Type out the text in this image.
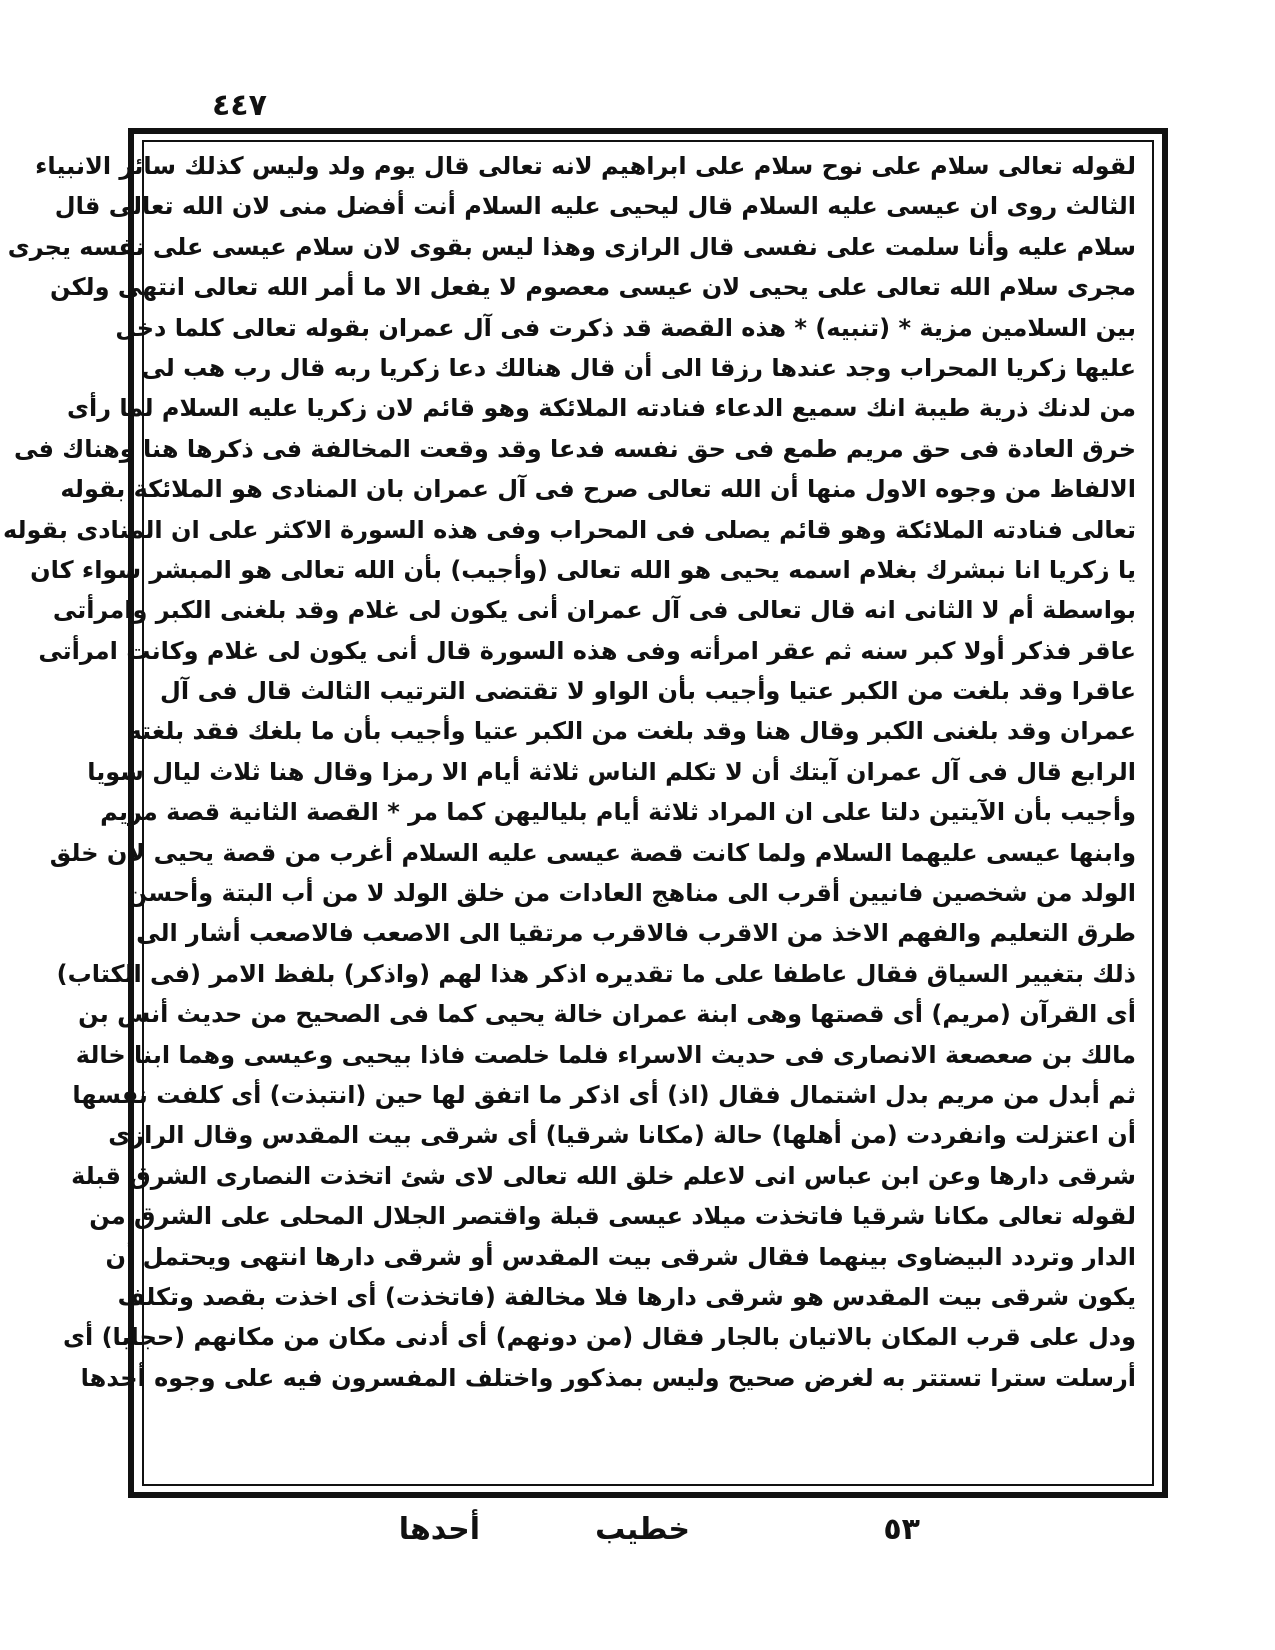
٤٤٧
لقوله تعالى سلام على نوح سلام على ابراهيم لانه تعالى قال يوم ولد وليس كذلك سائر الانبياء
الثالث روى ان عيسى عليه السلام قال ليحيى عليه السلام أنت أفضل منى لان الله تعالى قال
سلام عليه وأنا سلمت على نفسى قال الرازى وهذا ليس بقوى لان سلام عيسى على نفسه يجرى
مجرى سلام الله تعالى على يحيى لان عيسى معصوم لا يفعل الا ما أمر الله تعالى انتهى ولكن
بين السلامين مزية * (تنبيه) * هذه القصة قد ذكرت فى آل عمران بقوله تعالى كلما دخل
عليها زكريا المحراب وجد عندها رزقا الى أن قال هنالك دعا زكريا ربه قال رب هب لى
من لدنك ذرية طيبة انك سميع الدعاء فنادته الملائكة وهو قائم لان زكريا عليه السلام لما رأى
خرق العادة فى حق مريم طمع فى حق نفسه فدعا وقد وقعت المخالفة فى ذكرها هنا وهناك فى
الالفاظ من وجوه الاول منها أن الله تعالى صرح فى آل عمران بان المنادى هو الملائكة بقوله
تعالى فنادته الملائكة وهو قائم يصلى فى المحراب وفى هذه السورة الاكثر على ان المنادى بقوله
يا زكريا انا نبشرك بغلام اسمه يحيى هو الله تعالى (وأجيب) بأن الله تعالى هو المبشر سواء كان
بواسطة أم لا الثانى انه قال تعالى فى آل عمران أنى يكون لى غلام وقد بلغنى الكبر وامرأتى
عاقر فذكر أولا كبر سنه ثم عقر امرأته وفى هذه السورة قال أنى يكون لى غلام وكانت امرأتى
عاقرا وقد بلغت من الكبر عتيا وأجيب بأن الواو لا تقتضى الترتيب الثالث قال فى آل
عمران وقد بلغنى الكبر وقال هنا وقد بلغت من الكبر عتيا وأجيب بأن ما بلغك فقد بلغته
الرابع قال فى آل عمران آيتك أن لا تكلم الناس ثلاثة أيام الا رمزا وقال هنا ثلاث ليال سويا
وأجيب بأن الآيتين دلتا على ان المراد ثلاثة أيام بلياليهن كما مر * القصة الثانية قصة مريم
وابنها عيسى عليهما السلام ولما كانت قصة عيسى عليه السلام أغرب من قصة يحيى لان خلق
الولد من شخصين فانيين أقرب الى مناهج العادات من خلق الولد لا من أب البتة وأحسن
طرق التعليم والفهم الاخذ من الاقرب فالاقرب مرتقيا الى الاصعب فالاصعب أشار الى
ذلك بتغيير السياق فقال عاطفا على ما تقديره اذكر هذا لهم (واذكر) بلفظ الامر (فى الكتاب)
أى القرآن (مريم) أى قصتها وهى ابنة عمران خالة يحيى كما فى الصحيح من حديث أنس بن
مالك بن صعصعة الانصارى فى حديث الاسراء فلما خلصت فاذا بيحيى وعيسى وهما ابنا خالة
ثم أبدل من مريم بدل اشتمال فقال (اذ) أى اذكر ما اتفق لها حين (انتبذت) أى كلفت نفسها
أن اعتزلت وانفردت (من أهلها) حالة (مكانا شرقيا) أى شرقى بيت المقدس وقال الرازى
شرقى دارها وعن ابن عباس انى لاعلم خلق الله تعالى لاى شئ اتخذت النصارى الشرق قبلة
لقوله تعالى مكانا شرقيا فاتخذت ميلاد عيسى قبلة واقتصر الجلال المحلى على الشرق من
الدار وتردد البيضاوى بينهما فقال شرقى بيت المقدس أو شرقى دارها انتهى ويحتمل أن
يكون شرقى بيت المقدس هو شرقى دارها فلا مخالفة (فاتخذت) أى اخذت بقصد وتكلف
ودل على قرب المكان بالاتيان بالجار فقال (من دونهم) أى أدنى مكان من مكانهم (حجابا) أى
أرسلت سترا تستتر به لغرض صحيح وليس بمذكور واختلف المفسرون فيه على وجوه أحدها
٥٣
خطيب
أحدها
